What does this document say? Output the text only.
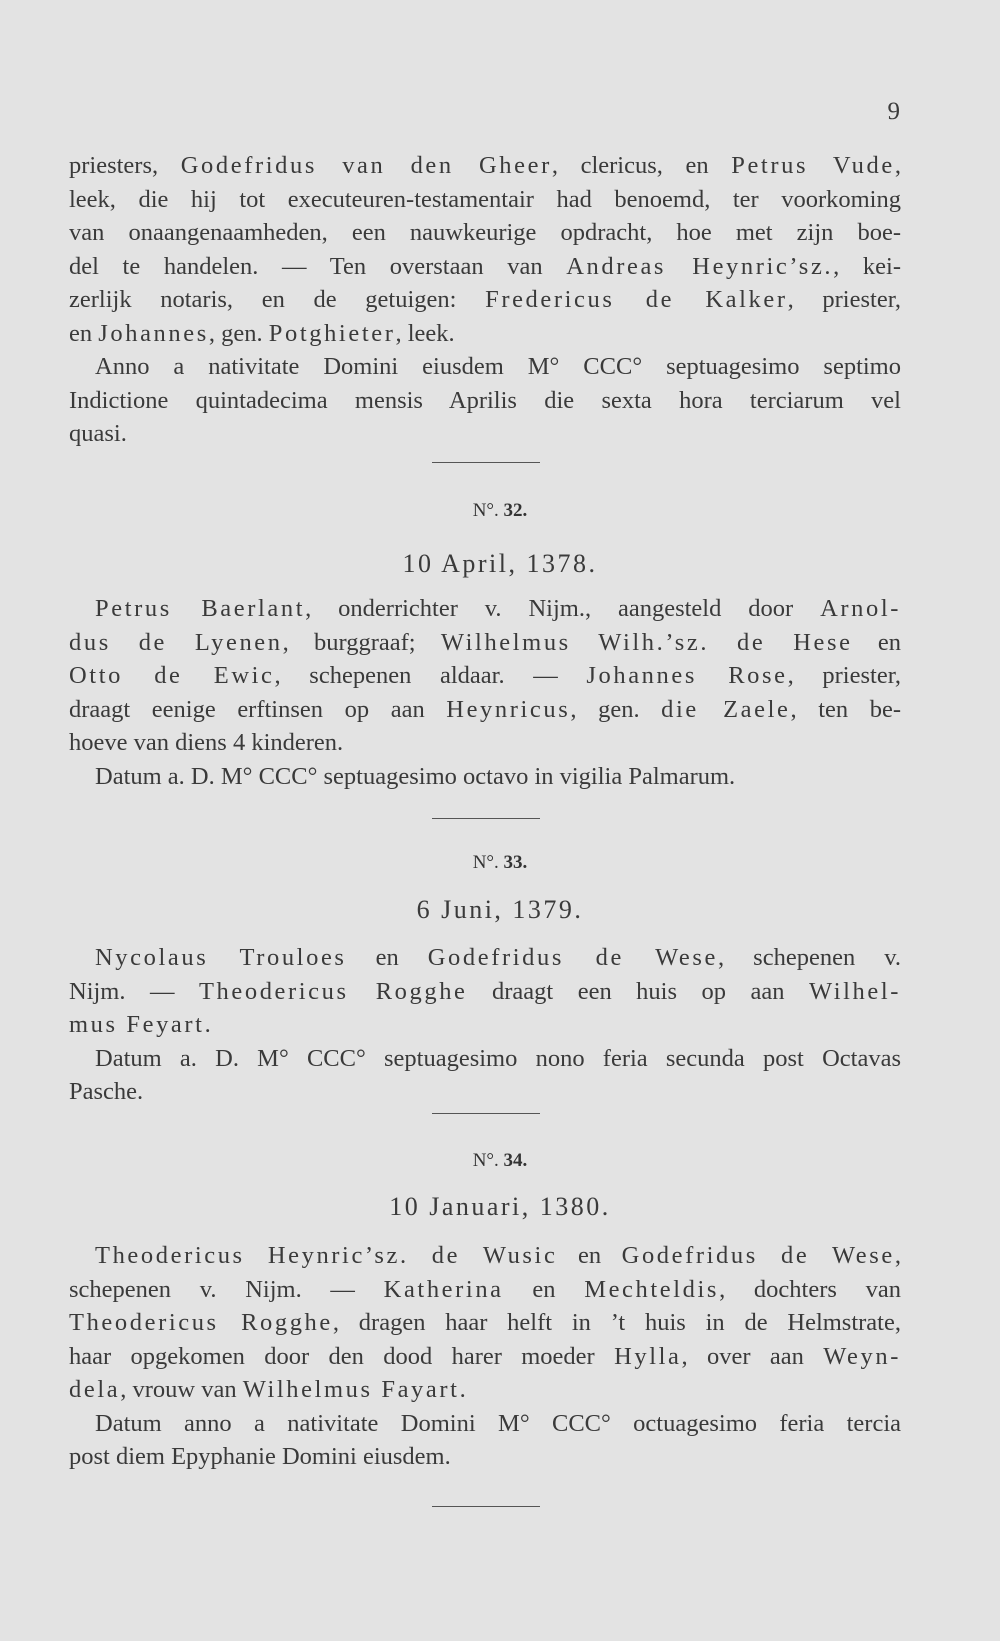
9
priesters, Godefridus van den Gheer, clericus, en Petrus Vude,
leek, die hij tot executeuren-testamentair had benoemd, ter voorkoming
van onaangenaamheden, een nauwkeurige opdracht, hoe met zijn boe-
del te handelen. — Ten overstaan van Andreas Heynric’sz., kei-
zerlijk notaris, en de getuigen: Fredericus de Kalker, priester,
en Johannes, gen. Potghieter, leek.
Anno a nativitate Domini eiusdem M° CCC° septuagesimo septimo
Indictione quintadecima mensis Aprilis die sexta hora terciarum vel
quasi.
N°. 32.
10 April, 1378.
Petrus Baerlant, onderrichter v. Nijm., aangesteld door Arnol-
dus de Lyenen, burggraaf; Wilhelmus Wilh.’sz. de Hese en
Otto de Ewic, schepenen aldaar. — Johannes Rose, priester,
draagt eenige erftinsen op aan Heynricus, gen. die Zaele, ten be-
hoeve van diens 4 kinderen.
Datum a. D. M° CCC° septuagesimo octavo in vigilia Palmarum.
N°. 33.
6 Juni, 1379.
Nycolaus Trouloes en Godefridus de Wese, schepenen v.
Nijm. — Theodericus Rogghe draagt een huis op aan Wilhel-
mus Feyart.
Datum a. D. M° CCC° septuagesimo nono feria secunda post Octavas
Pasche.
N°. 34.
10 Januari, 1380.
Theodericus Heynric’sz. de Wusic en Godefridus de Wese,
schepenen v. Nijm. — Katherina en Mechteldis, dochters van
Theodericus Rogghe, dragen haar helft in ’t huis in de Helmstrate,
haar opgekomen door den dood harer moeder Hylla, over aan Weyn-
dela, vrouw van Wilhelmus Fayart.
Datum anno a nativitate Domini M° CCC° octuagesimo feria tercia
post diem Epyphanie Domini eiusdem.
